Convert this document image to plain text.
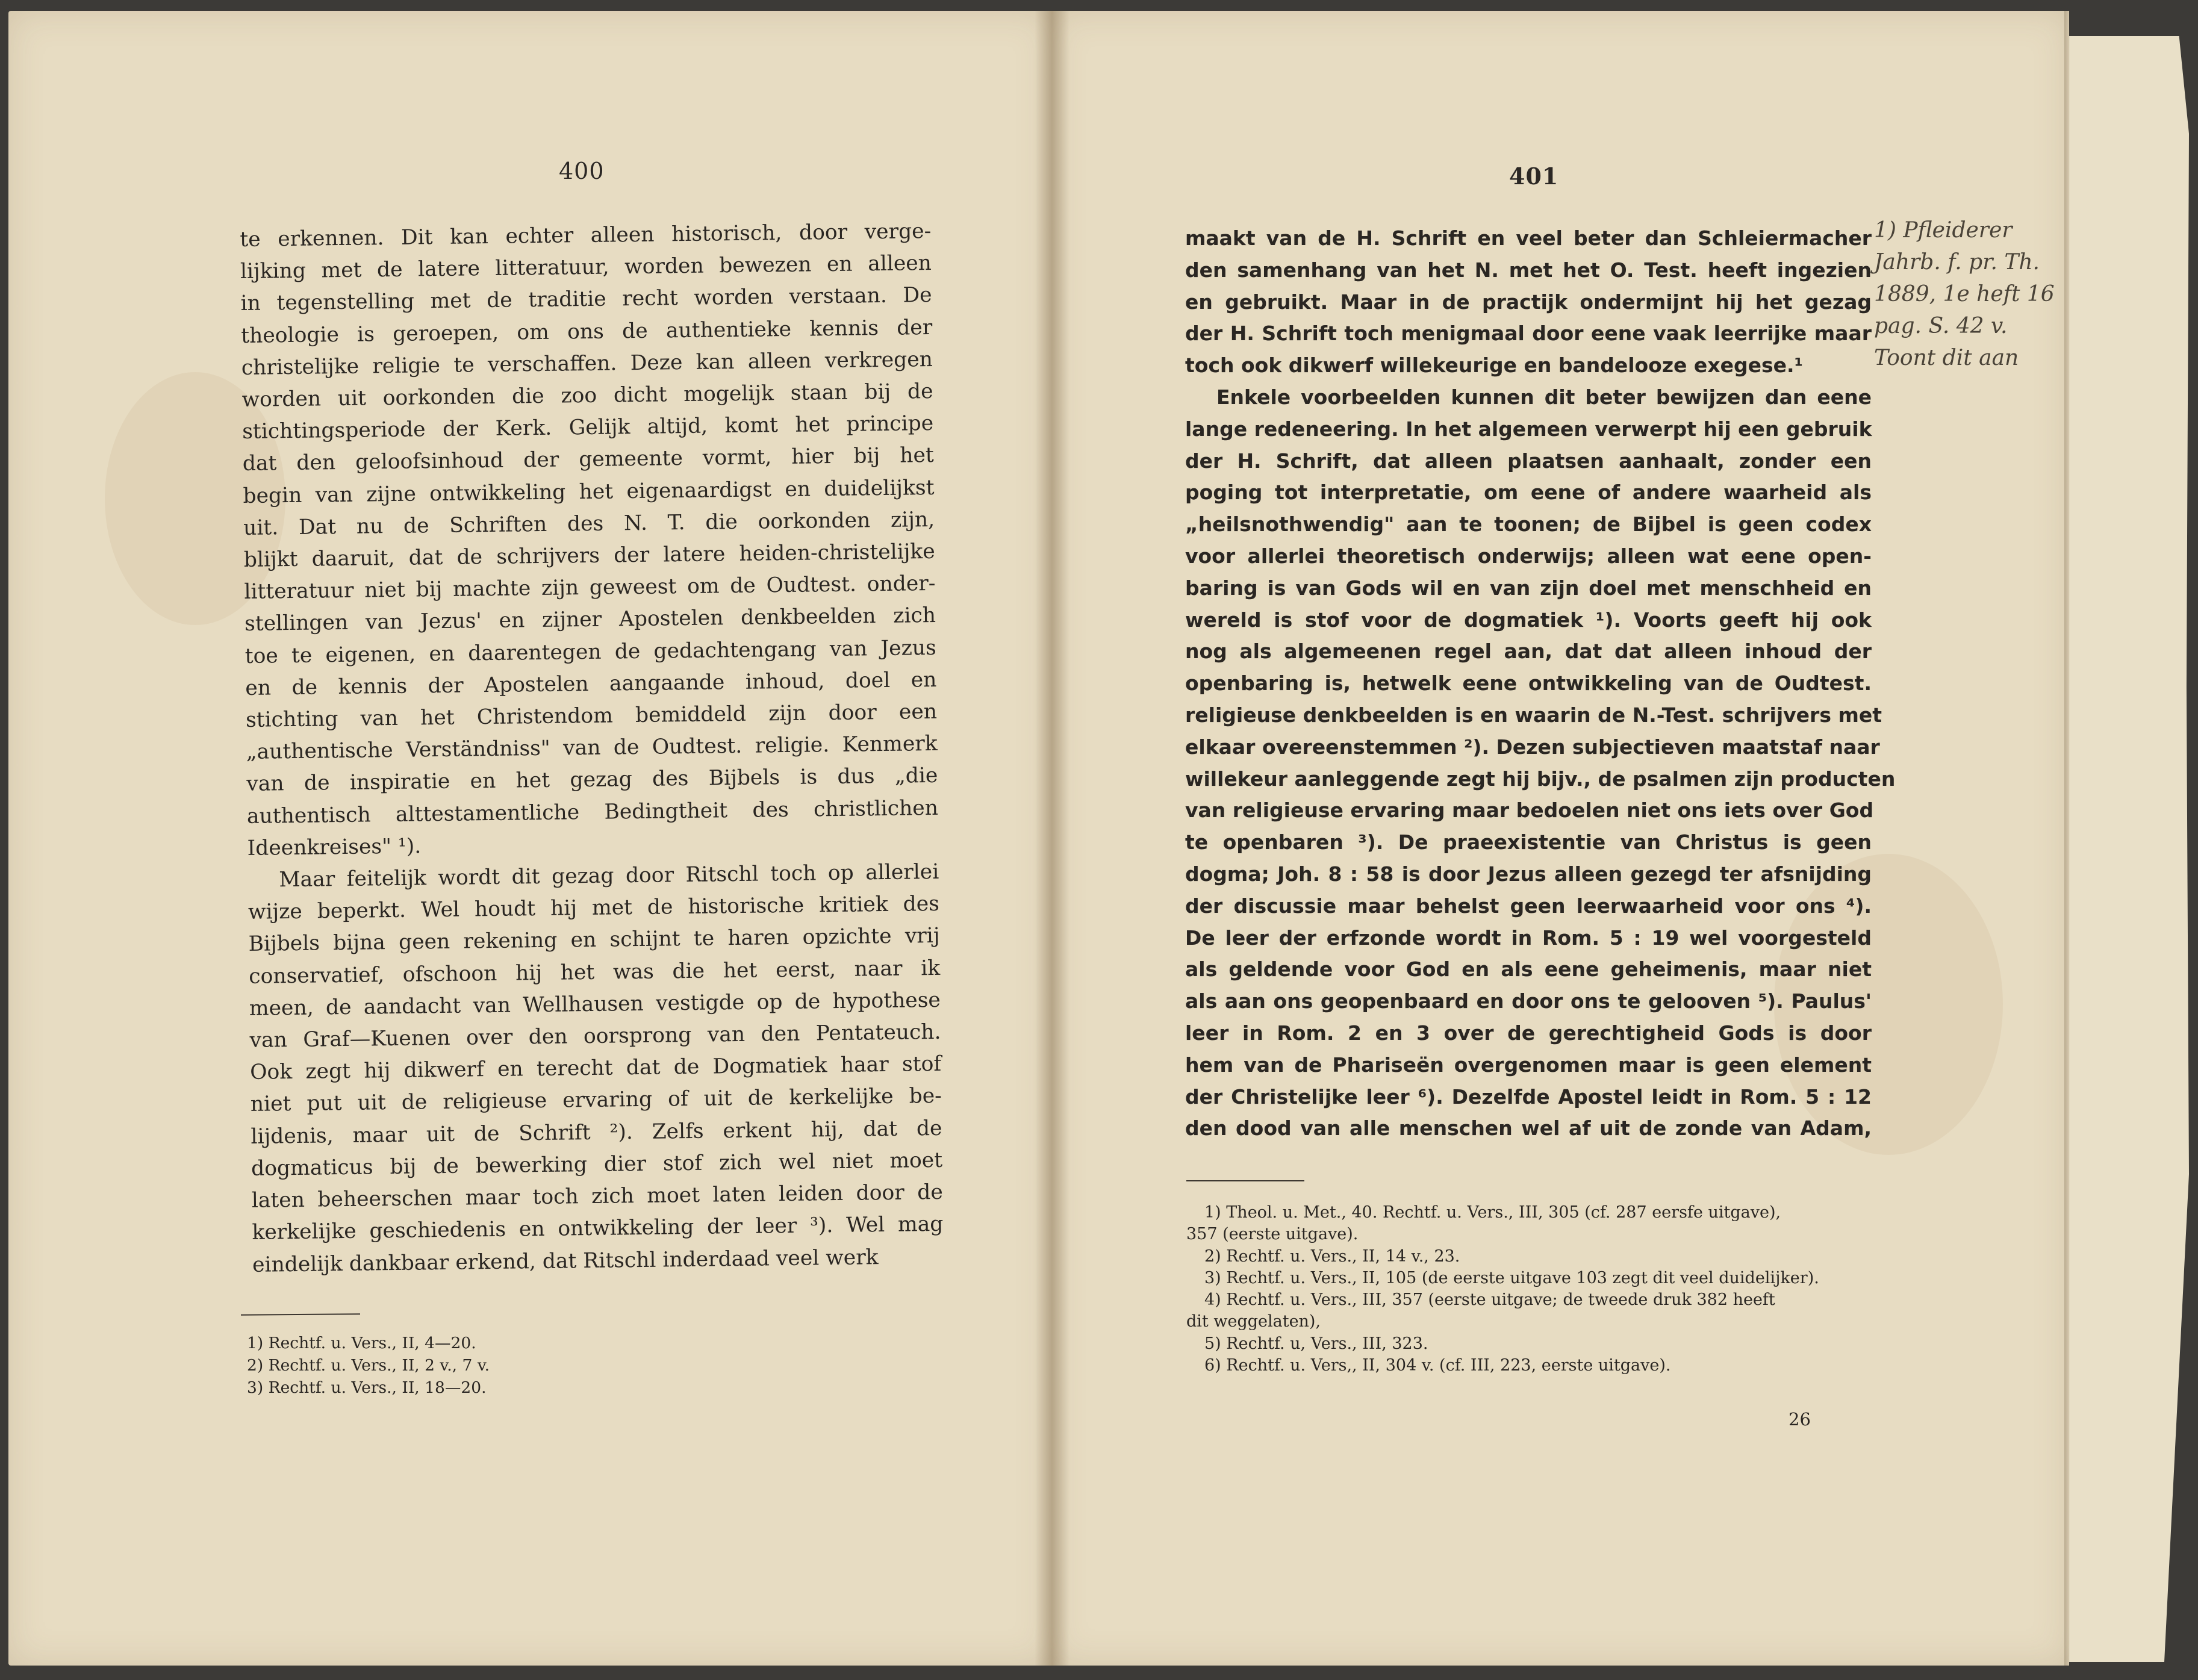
400
te erkennen. Dit kan echter alleen historisch, door verge-
lijking met de latere litteratuur, worden bewezen en alleen
in tegenstelling met de traditie recht worden verstaan. De
theologie is geroepen, om ons de authentieke kennis der
christelijke religie te verschaffen. Deze kan alleen verkregen
worden uit oorkonden die zoo dicht mogelijk staan bij de
stichtingsperiode der Kerk. Gelijk altijd, komt het principe
dat den geloofsinhoud der gemeente vormt, hier bij het
begin van zijne ontwikkeling het eigenaardigst en duidelijkst
uit. Dat nu de Schriften des N. T. die oorkonden zijn,
blijkt daaruit, dat de schrijvers der latere heiden-christelijke
litteratuur niet bij machte zijn geweest om de Oudtest. onder-
stellingen van Jezus' en zijner Apostelen denkbeelden zich
toe te eigenen, en daarentegen de gedachtengang van Jezus
en de kennis der Apostelen aangaande inhoud, doel en
stichting van het Christendom bemiddeld zijn door een
„authentische Verständniss" van de Oudtest. religie. Kenmerk
van de inspiratie en het gezag des Bijbels is dus „die
authentisch alttestamentliche Bedingtheit des christlichen
Ideenkreises" ¹).
Maar feitelijk wordt dit gezag door Ritschl toch op allerlei
wijze beperkt. Wel houdt hij met de historische kritiek des
Bijbels bijna geen rekening en schijnt te haren opzichte vrij
conservatief, ofschoon hij het was die het eerst, naar ik
meen, de aandacht van Wellhausen vestigde op de hypothese
van Graf—Kuenen over den oorsprong van den Pentateuch.
Ook zegt hij dikwerf en terecht dat de Dogmatiek haar stof
niet put uit de religieuse ervaring of uit de kerkelijke be-
lijdenis, maar uit de Schrift ²). Zelfs erkent hij, dat de
dogmaticus bij de bewerking dier stof zich wel niet moet
laten beheerschen maar toch zich moet laten leiden door de
kerkelijke geschiedenis en ontwikkeling der leer ³). Wel mag
eindelijk dankbaar erkend, dat Ritschl inderdaad veel werk
1) Rechtf. u. Vers., II, 4—20.
2) Rechtf. u. Vers., II, 2 v., 7 v.
3) Rechtf. u. Vers., II, 18—20.
401
maakt van de H. Schrift en veel beter dan Schleiermacher
den samenhang van het N. met het O. Test. heeft ingezien
en gebruikt. Maar in de practijk ondermijnt hij het gezag
der H. Schrift toch menigmaal door eene vaak leerrijke maar
toch ook dikwerf willekeurige en bandelooze exegese.¹
Enkele voorbeelden kunnen dit beter bewijzen dan eene
lange redeneering. In het algemeen verwerpt hij een gebruik
der H. Schrift, dat alleen plaatsen aanhaalt, zonder een
poging tot interpretatie, om eene of andere waarheid als
„heilsnothwendig" aan te toonen; de Bijbel is geen codex
voor allerlei theoretisch onderwijs; alleen wat eene open-
baring is van Gods wil en van zijn doel met menschheid en
wereld is stof voor de dogmatiek ¹). Voorts geeft hij ook
nog als algemeenen regel aan, dat dat alleen inhoud der
openbaring is, hetwelk eene ontwikkeling van de Oudtest.
religieuse denkbeelden is en waarin de N.-Test. schrijvers met
elkaar overeenstemmen ²). Dezen subjectieven maatstaf naar
willekeur aanleggende zegt hij bijv., de psalmen zijn producten
van religieuse ervaring maar bedoelen niet ons iets over God
te openbaren ³). De praeexistentie van Christus is geen
dogma; Joh. 8 : 58 is door Jezus alleen gezegd ter afsnijding
der discussie maar behelst geen leerwaarheid voor ons ⁴).
De leer der erfzonde wordt in Rom. 5 : 19 wel voorgesteld
als geldende voor God en als eene geheimenis, maar niet
als aan ons geopenbaard en door ons te gelooven ⁵). Paulus'
leer in Rom. 2 en 3 over de gerechtigheid Gods is door
hem van de Phariseën overgenomen maar is geen element
der Christelijke leer ⁶). Dezelfde Apostel leidt in Rom. 5 : 12
den dood van alle menschen wel af uit de zonde van Adam,
1) Pfleiderer
Jahrb. f. pr. Th.
1889, 1e heft 16
pag. S. 42 v.
Toont dit aan
1) Theol. u. Met., 40. Rechtf. u. Vers., III, 305 (cf. 287 eersfe uitgave),
357 (eerste uitgave).
2) Rechtf. u. Vers., II, 14 v., 23.
3) Rechtf. u. Vers., II, 105 (de eerste uitgave 103 zegt dit veel duidelijker).
4) Rechtf. u. Vers., III, 357 (eerste uitgave; de tweede druk 382 heeft
dit weggelaten),
5) Rechtf. u, Vers., III, 323.
6) Rechtf. u. Vers,, II, 304 v. (cf. III, 223, eerste uitgave).
26
